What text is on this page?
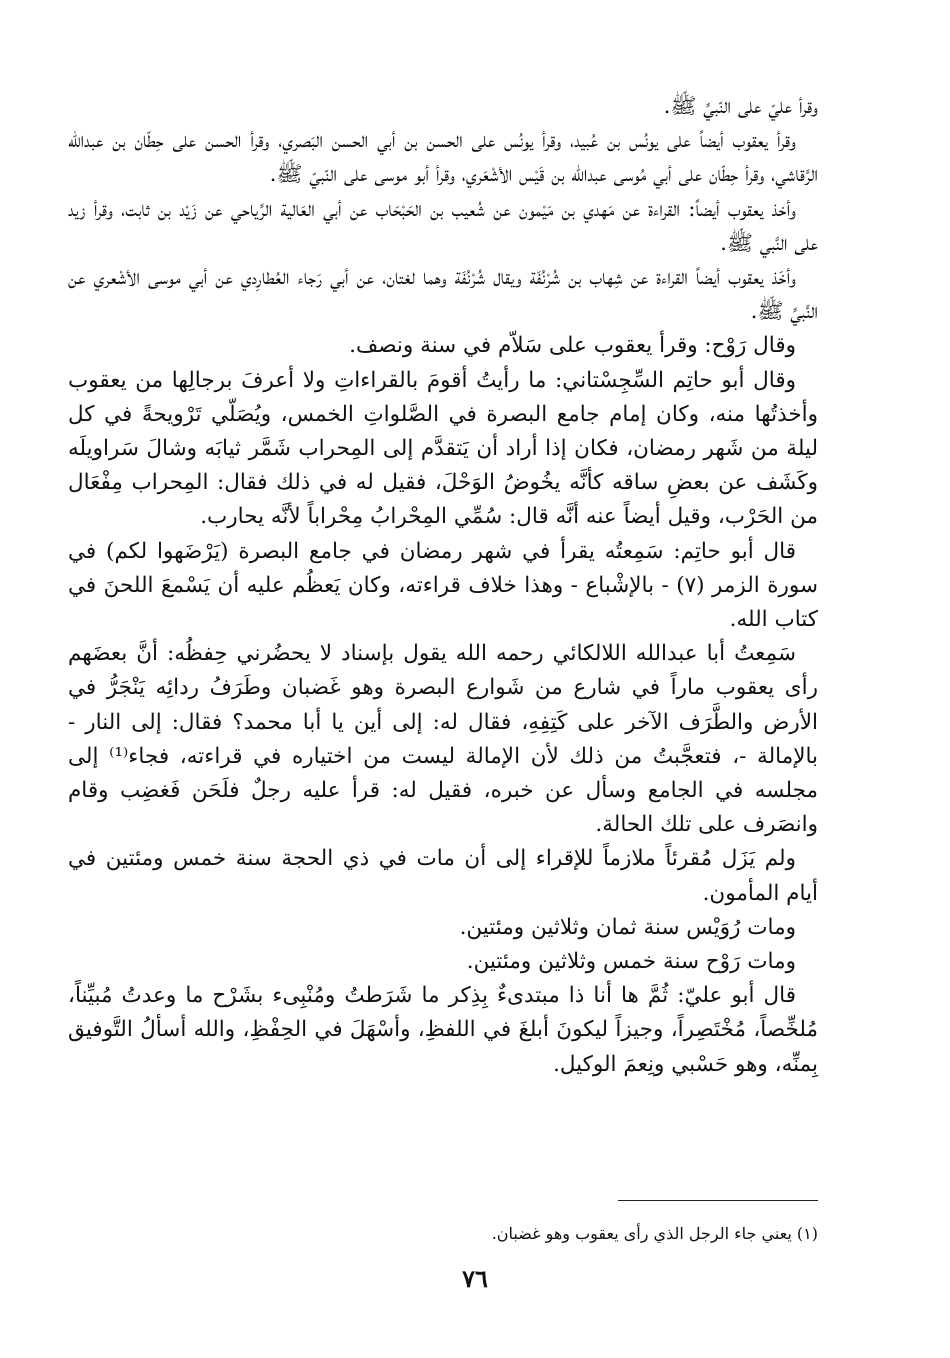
وقرأ عليّ على النّبيِّ ﷺ.

وقرأ يعقوب أيضاً على يونُس بن عُبيد، وقرأ يونُس على الحسن بن أبي الحسن البَصري، وقرأ الحسن على حِطّان بن عبدالله الرَّقاشي، وقرأ حِطّان على أبي مُوسى عبدالله بن قَيْس الأشْعَري، وقرأ أبو موسى على النّبيّ ﷺ.

وأخذ يعقوب أيضاً: القراءة عن مَهدي بن مَيْمون عن شُعيب بن الحَبْحَاب عن أبي العَالية الرِّياحي عن زَيْد بن ثابت، وقرأ زيد على النَّبي ﷺ.

وأخَذ يعقوب أيضاً القراءة عن شِهاب بن شُرْنُفَة ويقال شُرْنُفَة وهما لغتان، عن أبي رَجاء العُطارِدي عن أبي موسى الأشْعري عن النَّبيِّ ﷺ.

وقال رَوْح: وقرأ يعقوب على سَلاّم في سنة ونصف.

وقال أبو حاتِم السِّجِسْتاني: ما رأيتُ أقومَ بالقراءاتِ ولا أعرفَ برجالِها من يعقوب وأخذتُها منه، وكان إمام جامع البصرة في الصَّلواتِ الخمس، ويُصَلّي تَرْويحةً في كل ليلة من شَهر رمضان، فكان إذا أراد أن يَتقدَّم إلى المِحراب شَمَّر ثيابَه وشالَ سَراويلَه وكَشَف عن بعضِ ساقه كأنَّه يخُوضُ الوَحْلَ، فقيل له في ذلك فقال: المِحراب مِفْعَال من الحَرْب، وقيل أيضاً عنه أنَّه قال: سُمِّي المِحْرابُ مِحْراباً لأنَّه يحارب.

قال أبو حاتِم: سَمِعتُه يقرأ في شهر رمضان في جامع البصرة (يَرْضَهوا لكم) في سورة الزمر (٧) - بالإشْباع - وهذا خلاف قراءته، وكان يَعظُم عليه أن يَسْمعَ اللحنَ في كتاب الله.

سَمِعتُ أبا عبدالله اللالكائي رحمه الله يقول بإسناد لا يحضُرني حِفظُه: أنَّ بعضَهم رأى يعقوب ماراً في شارع من شَوارع البصرة وهو غَضبان وطَرَفُ ردائِه يَنْجَرُّ في الأرض والطَّرَف الآخر على كَتِفِهِ، فقال له: إلى أين يا أبا محمد؟ فقال: إلى النار - بالإمالة -، فتعجَّبتُ من ذلك لأن الإمالة ليست من اختياره في قراءته، فجاء⁽¹⁾ إلى مجلسه في الجامع وسأل عن خبره، فقيل له: قرأ عليه رجلٌ فلَحَن فَغضِب وقام وانصَرف على تلك الحالة.

ولم يَزَل مُقرئاً ملازماً للإقراء إلى أن مات في ذي الحجة سنة خمس ومئتين في أيام المأمون.

ومات رُوَيْس سنة ثمان وثلاثين ومئتين.

ومات رَوْح سنة خمس وثلاثين ومئتين.

قال أبو عليّ: ثُمَّ ها أنا ذا مبتدىءٌ بِذِكر ما شَرَطتُ ومُنْبِىء بشَرْح ما وعدتُ مُبيِّناً، مُلخِّصاً، مُخْتَصِراً، وجيزاً ليكونَ أبلغَ في اللفظِ، وأسْهَلَ في الحِفْظِ، والله أسألُ التَّوفيق بِمنِّه، وهو حَسْبي ونِعمَ الوكيل.

(١) يعني جاء الرجل الذي رأى يعقوب وهو غضبان.
٧٦
